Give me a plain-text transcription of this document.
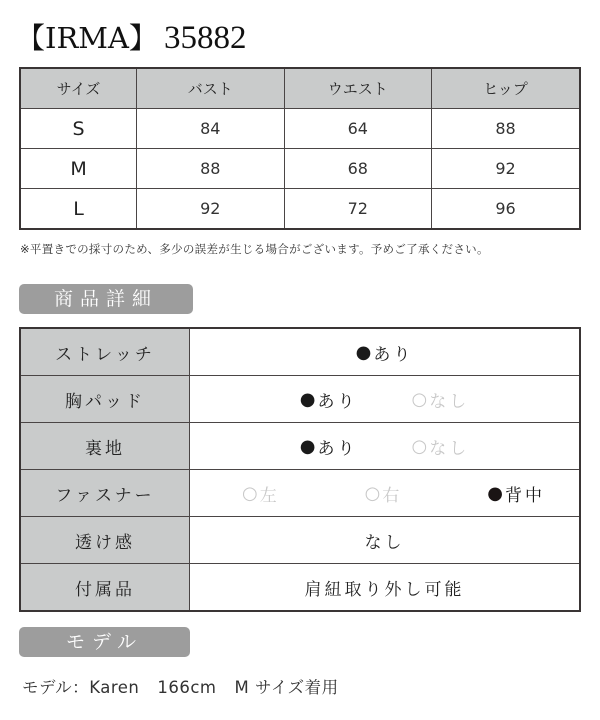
【IRMA】 35882
サイズ	バスト	ウエスト	ヒップ
S	84	64	88
M	88	68	92
L	92	72	96
※平置きでの採寸のため、多少の誤差が生じる場合がございます。予めご了承ください。
商品詳細
ストレッチ	● あり

胸パッド	● あり ○ なし

裏地	● あり ○ なし

ファスナー	○ 左	○ 右	● 背中

透け感	なし
付属品	肩紐取り外し可能
モデル
モデル：Karen 166cm M サイズ着用
